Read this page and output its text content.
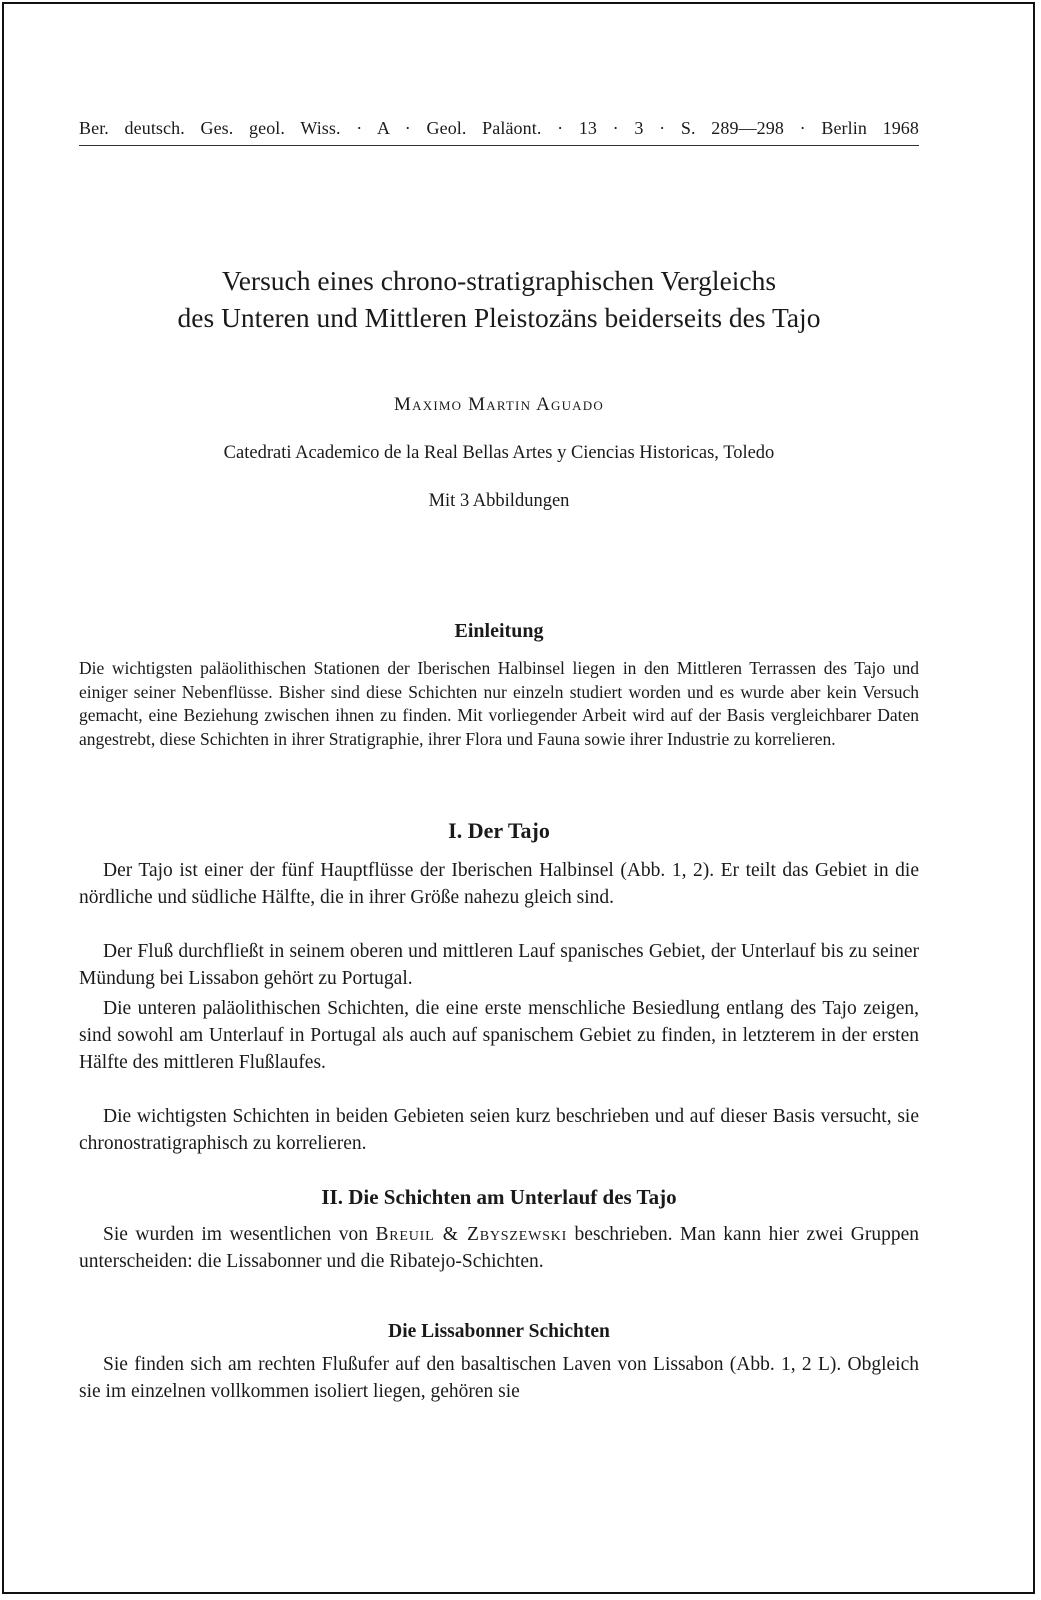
Ber. deutsch. Ges. geol. Wiss. · A · Geol. Paläont. · 13 · 3 · S. 289—298 · Berlin 1968
Versuch eines chrono-stratigraphischen Vergleichs
des Unteren und Mittleren Pleistozäns beiderseits des Tajo
Maximo Martin Aguado
Catedrati Academico de la Real Bellas Artes y Ciencias Historicas, Toledo
Mit 3 Abbildungen
Einleitung

Die wichtigsten paläolithischen Stationen der Iberischen Halbinsel liegen in den Mittleren Terrassen des Tajo und einiger seiner Nebenflüsse. Bisher sind diese Schichten nur einzeln studiert worden und es wurde aber kein Versuch gemacht, eine Beziehung zwischen ihnen zu finden. Mit vorliegender Arbeit wird auf der Basis vergleichbarer Daten angestrebt, diese Schichten in ihrer Stratigraphie, ihrer Flora und Fauna sowie ihrer Industrie zu korrelieren.

I. Der Tajo

Der Tajo ist einer der fünf Hauptflüsse der Iberischen Halbinsel (Abb. 1, 2). Er teilt das Gebiet in die nördliche und südliche Hälfte, die in ihrer Größe nahezu gleich sind.

Der Fluß durchfließt in seinem oberen und mittleren Lauf spanisches Gebiet, der Unterlauf bis zu seiner Mündung bei Lissabon gehört zu Portugal.

Die unteren paläolithischen Schichten, die eine erste menschliche Besiedlung entlang des Tajo zeigen, sind sowohl am Unterlauf in Portugal als auch auf spanischem Gebiet zu finden, in letzterem in der ersten Hälfte des mittleren Flußlaufes.

Die wichtigsten Schichten in beiden Gebieten seien kurz beschrieben und auf dieser Basis versucht, sie chronostratigraphisch zu korrelieren.

II. Die Schichten am Unterlauf des Tajo

Sie wurden im wesentlichen von Breuil & Zbyszewski beschrieben. Man kann hier zwei Gruppen unterscheiden: die Lissabonner und die Ribatejo-Schichten.

Die Lissabonner Schichten

Sie finden sich am rechten Flußufer auf den basaltischen Laven von Lissabon (Abb. 1, 2 L). Obgleich sie im einzelnen vollkommen isoliert liegen, gehören sie
